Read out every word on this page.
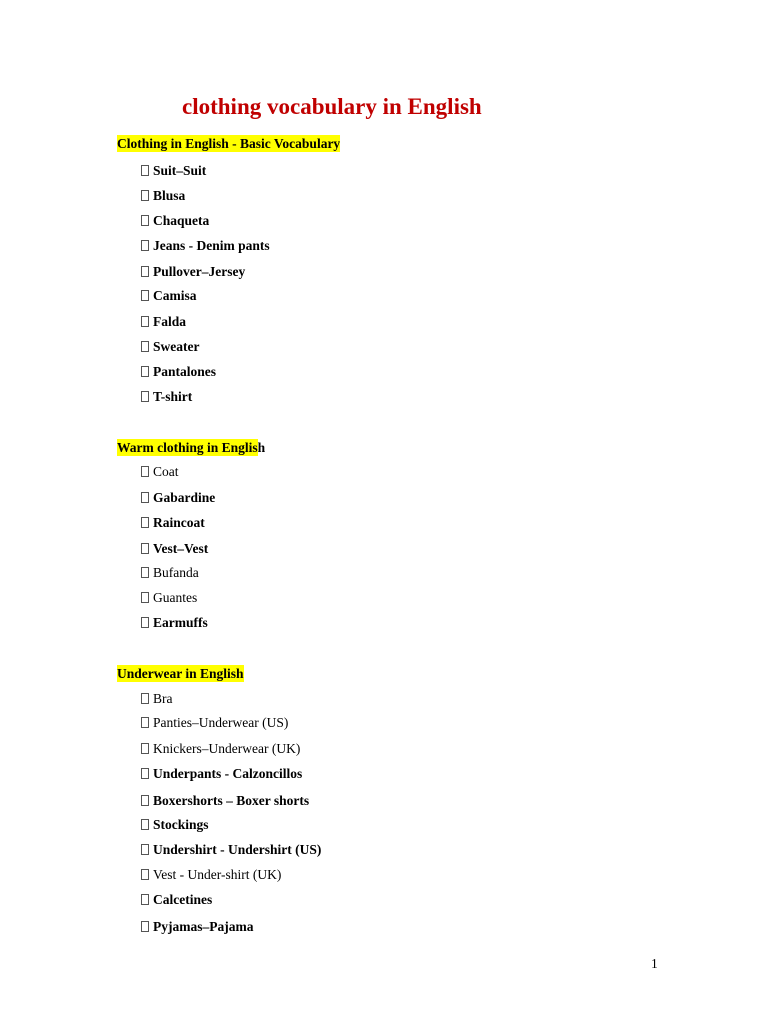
clothing vocabulary in English

Clothing in English - Basic Vocabulary

Suit–Suit

Blusa

Chaqueta

Jeans - Denim pants

Pullover–Jersey

Camisa

Falda

Sweater

Pantalones

T-shirt

Warm clothing in English

Coat

Gabardine

Raincoat

Vest–Vest

Bufanda

Guantes

Earmuffs

Underwear in English

Bra

Panties–Underwear (US)

Knickers–Underwear (UK)

Underpants - Calzoncillos

Boxershorts – Boxer shorts

Stockings

Undershirt - Undershirt (US)

Vest - Under-shirt (UK)

Calcetines

Pyjamas–Pajama

1
